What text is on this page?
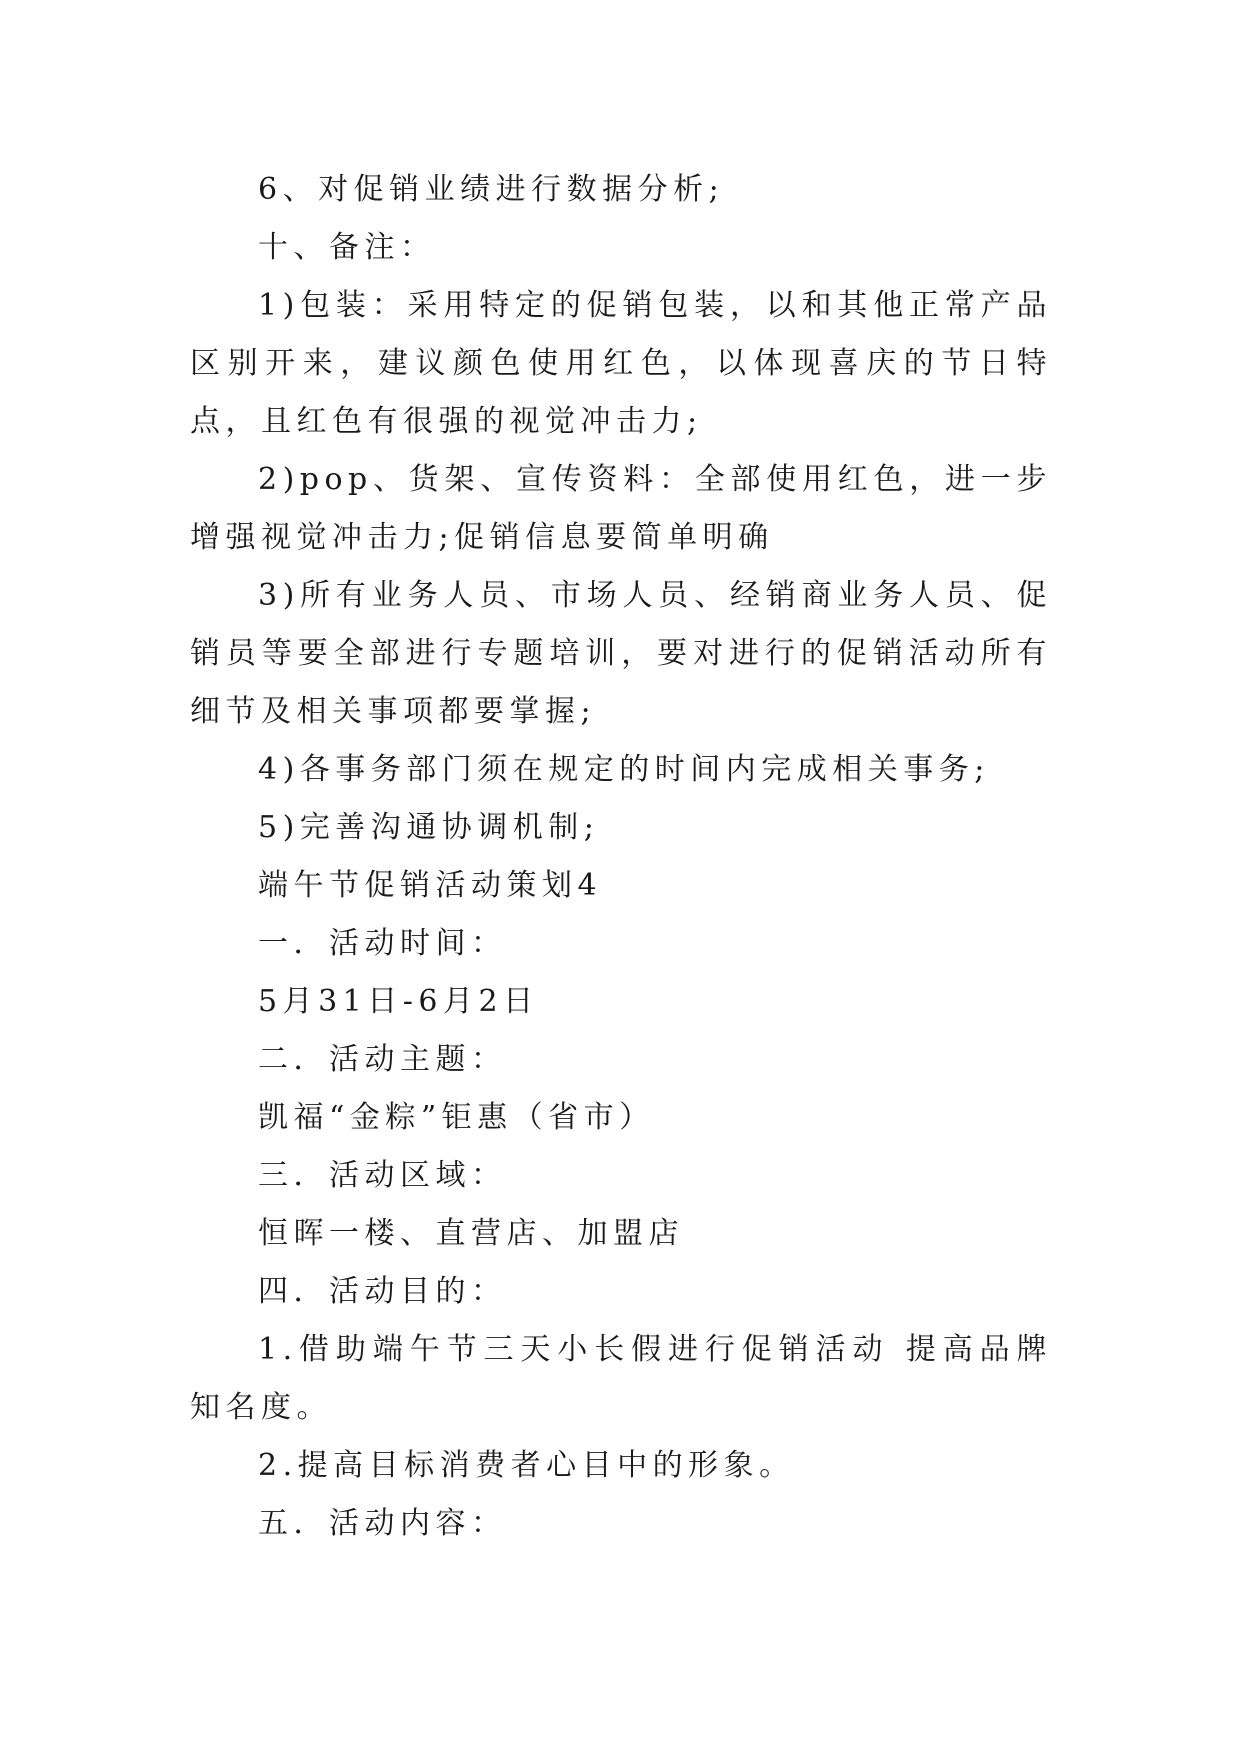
6、对促销业绩进行数据分析;

十、备注：

1)包装：采用特定的促销包装，以和其他正常产品区别开来，建议颜色使用红色，以体现喜庆的节日特点，且红色有很强的视觉冲击力;

2)pop、货架、宣传资料：全部使用红色，进一步增强视觉冲击力;促销信息要简单明确

3)所有业务人员、市场人员、经销商业务人员、促销员等要全部进行专题培训，要对进行的促销活动所有细节及相关事项都要掌握;

4)各事务部门须在规定的时间内完成相关事务;

5)完善沟通协调机制;

端午节促销活动策划4

一．活动时间：

5月31日-6月2日

二．活动主题：

凯福“金粽”钜惠（省市）

三．活动区域：

恒晖一楼、直营店、加盟店

四．活动目的：

1.借助端午节三天小长假进行促销活动 提高品牌知名度。

2.提高目标消费者心目中的形象。

五．活动内容：
